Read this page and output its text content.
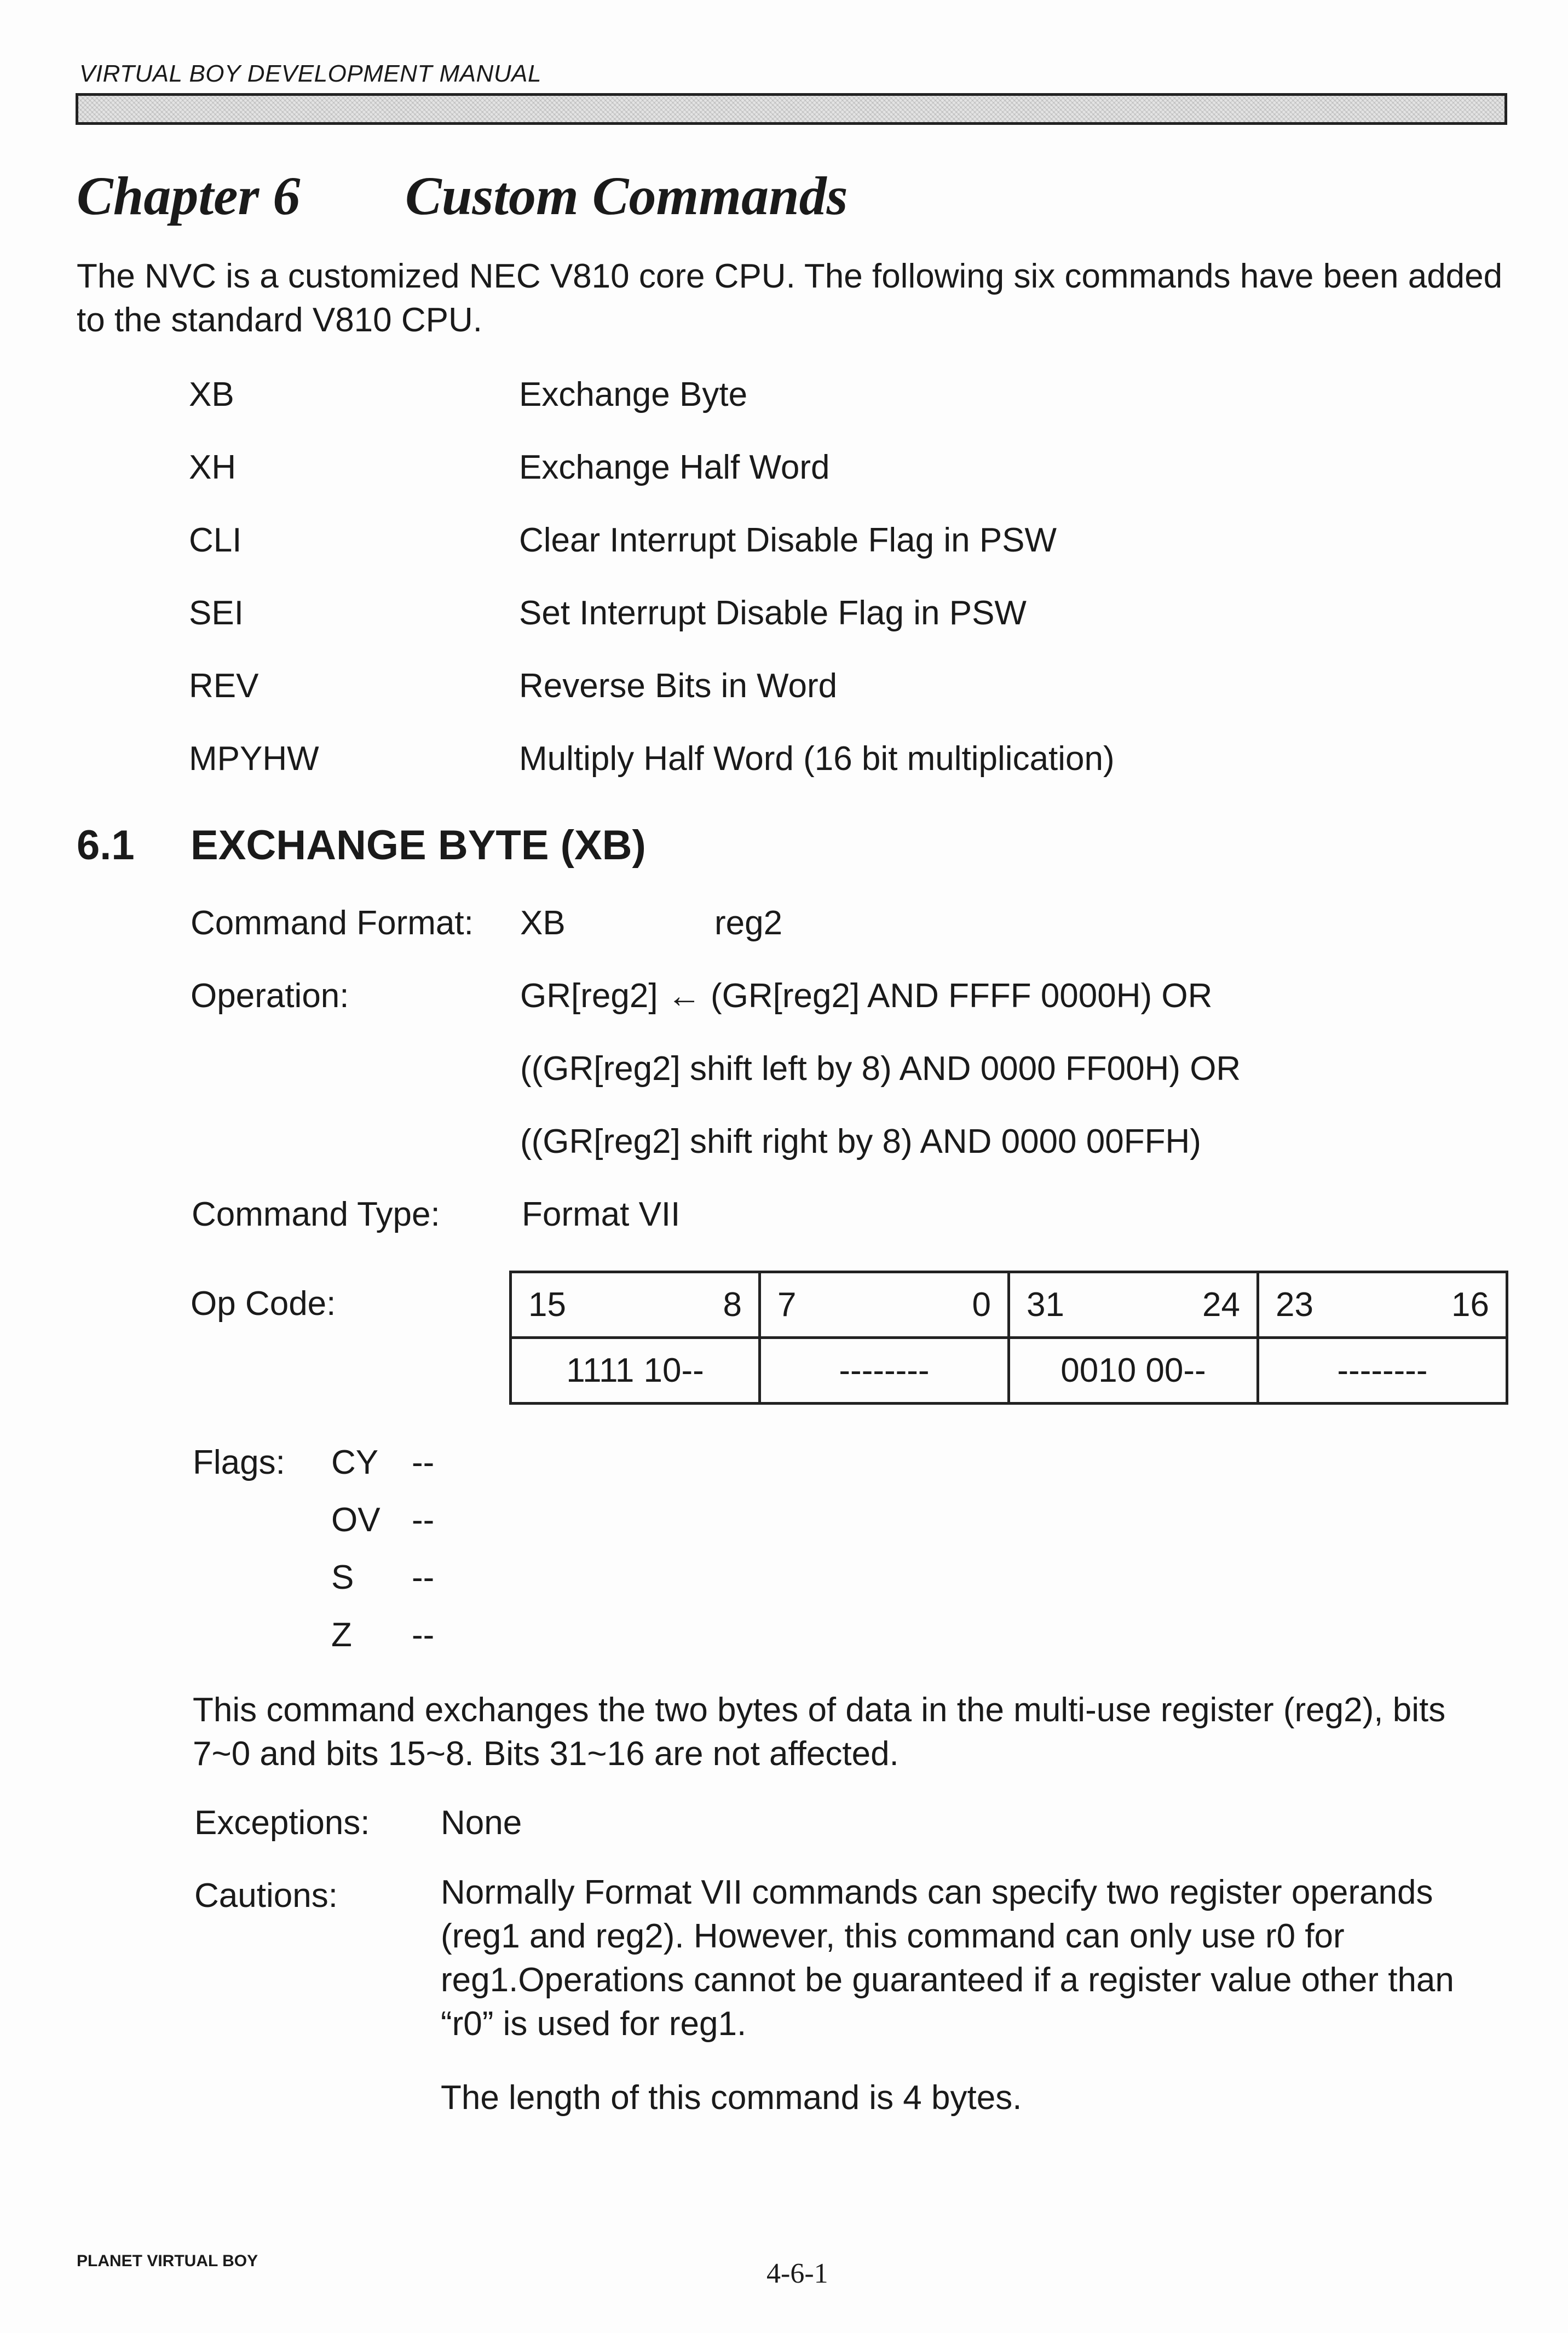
VIRTUAL BOY DEVELOPMENT MANUAL
Chapter 6 Custom Commands
The NVC is a customized NEC V810 core CPU. The following six commands have been added to the standard V810 CPU.
XB	Exchange Byte
XH	Exchange Half Word
CLI	Clear Interrupt Disable Flag in PSW
SEI	Set Interrupt Disable Flag in PSW
REV	Reverse Bits in Word
MPYHW	Multiply Half Word (16 bit multiplication)
6.1 EXCHANGE BYTE (XB)
Command Format: XB	reg2
Operation:	GR[reg2] ← (GR[reg2] AND FFFF 0000H) OR
((GR[reg2] shift left by 8) AND 0000 FF00H) OR
((GR[reg2] shift right by 8) AND 0000 00FFH)
Command Type: Format VII
Op Code:	15 8	7 0	31 24	23 16

1111 10--	--------	0010 00--	--------
Flags: CY --
OV --
S --
Z --
This command exchanges the two bytes of data in the multi-use register (reg2), bits 7~0 and bits 15~8. Bits 31~16 are not affected.
Exceptions: None
Cautions:	Normally Format VII commands can specify two register operands (reg1 and reg2). However, this command can only use r0 for reg1.Operations cannot be guaranteed if a register value other than “r0” is used for reg1.
The length of this command is 4 bytes.
PLANET VIRTUAL BOY	4-6-1
